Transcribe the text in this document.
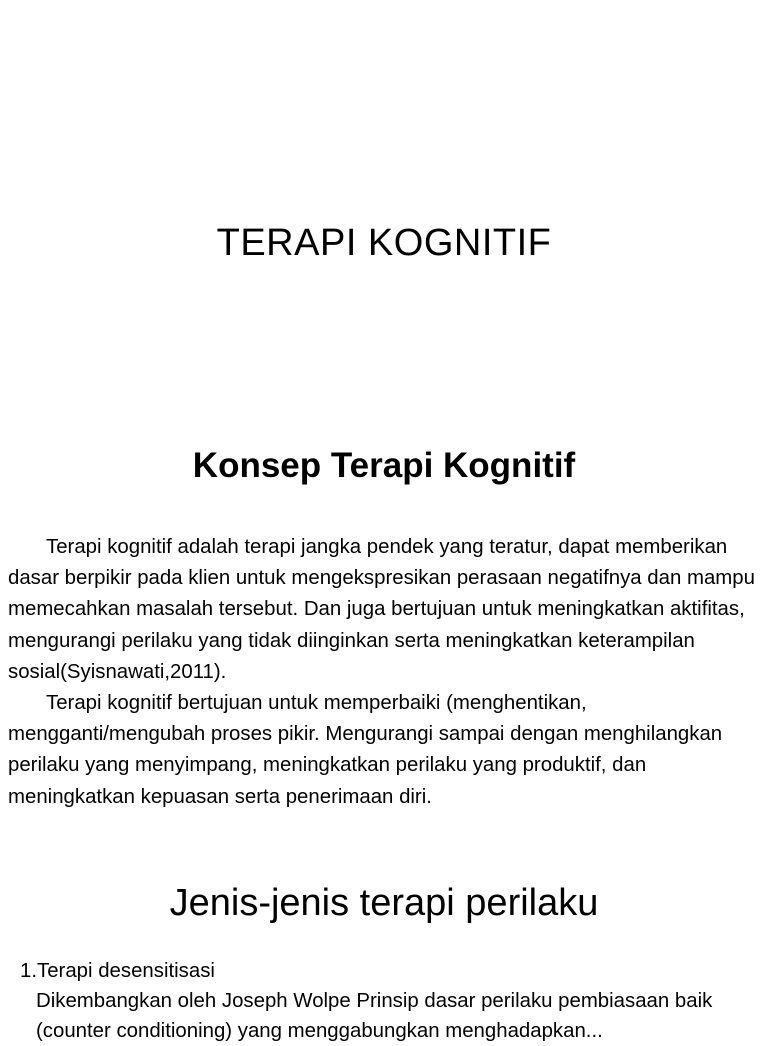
TERAPI KOGNITIF
Konsep Terapi Kognitif

Terapi kognitif adalah terapi jangka pendek yang teratur, dapat memberikan dasar berpikir pada klien untuk mengekspresikan perasaan negatifnya dan mampu memecahkan masalah tersebut. Dan juga bertujuan untuk meningkatkan aktifitas, mengurangi perilaku yang tidak diinginkan serta meningkatkan keterampilan sosial(Syisnawati,2011).

Terapi kognitif bertujuan untuk memperbaiki (menghentikan, mengganti/mengubah proses pikir. Mengurangi sampai dengan menghilangkan perilaku yang menyimpang, meningkatkan perilaku yang produktif, dan meningkatkan kepuasan serta penerimaan diri.

Jenis-jenis terapi perilaku

1.Terapi desensitisasi

Dikembangkan oleh Joseph Wolpe Prinsip dasar perilaku pembiasaan baik (counter conditioning) yang menggabungkan menghadapkan...
